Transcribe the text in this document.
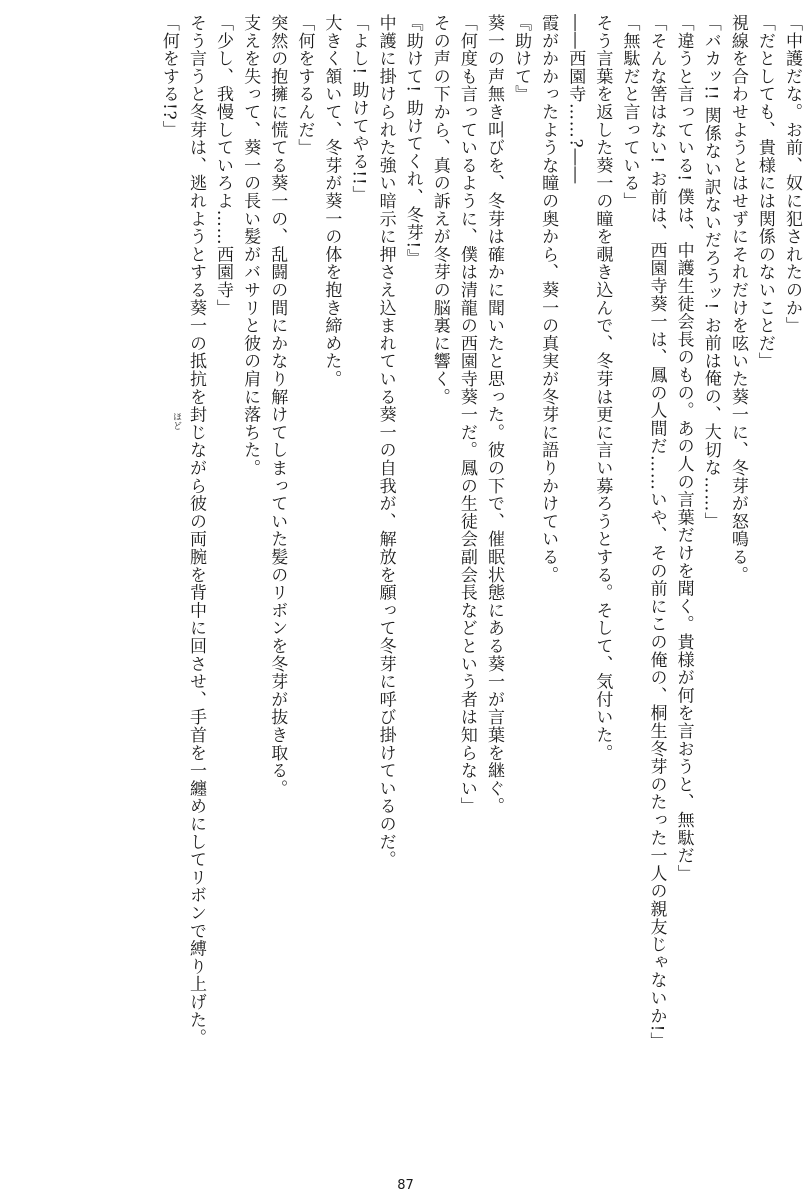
「中護だな。お前、奴に犯されたのか」
「だとしても、貴様には関係のないことだ」
視線を合わせようとはせずにそれだけを呟いた葵一に、冬芽が怒鳴る。
「バカッ!! 関係ない訳ないだろうッ! お前は俺の、大切な……」
「違うと言っている! 僕は、中護生徒会長のもの。あの人の言葉だけを聞く。貴様が何を言おうと、無駄だ」
「そんな筈はない! お前は、西園寺葵一は、鳳の人間だ……いや、その前にこの俺の、桐生冬芽のたった一人の親友じゃないか!」
「無駄だと言っている」
そう言葉を返した葵一の瞳を覗き込んで、冬芽は更に言い募ろうとする。そして、気付いた。
――西園寺……?――
霞がかかったような瞳の奥から、葵一の真実が冬芽に語りかけている。
『助けて』
葵一の声無き叫びを、冬芽は確かに聞いたと思った。彼の下で、催眠状態にある葵一が言葉を継ぐ。
「何度も言っているように、僕は清龍の西園寺葵一だ。鳳の生徒会副会長などという者は知らない」
その声の下から、真の訴えが冬芽の脳裏に響く。
『助けて! 助けてくれ、冬芽!』
中護に掛けられた強い暗示に押さえ込まれている葵一の自我が、解放を願って冬芽に呼び掛けているのだ。
「よし! 助けてやる!!」
大きく頷いて、冬芽が葵一の体を抱き締めた。
「何をするんだ」
突然の抱擁に慌てる葵一の、乱闘の間にかなり解けてしまっていた髪のリボンを冬芽が抜き取る。
支えを失って、葵一の長い髪がバサリと彼の肩に落ちた。
「少し、我慢していろよ……西園寺」
そう言うと冬芽は、逃れようとする葵一の抵抗を封じながら彼の両腕を背中に回させ、手首を一纏めにしてリボンで縛り上げた。
「何をする!?」
ほど
87
